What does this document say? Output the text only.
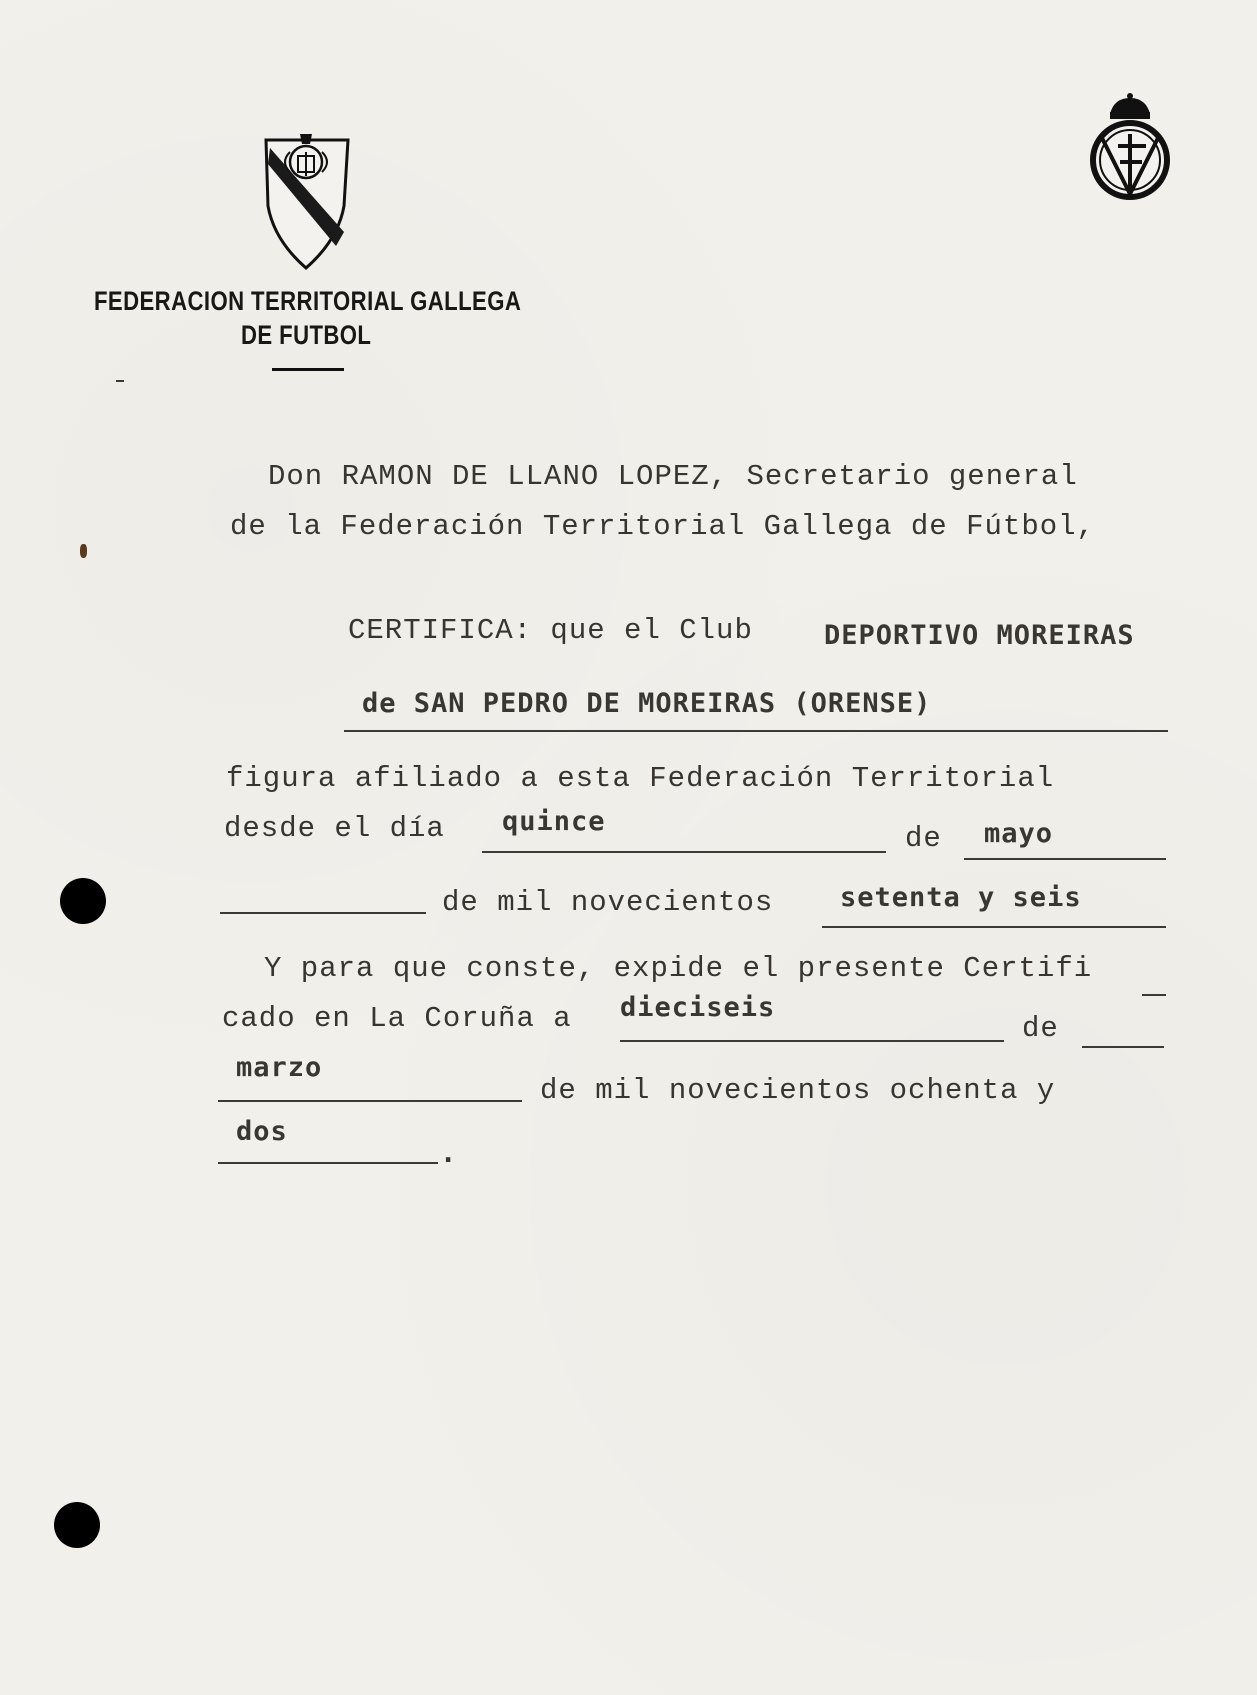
FEDERACION TERRITORIAL GALLEGA
DE FUTBOL
Don RAMON DE LLANO LOPEZ, Secretario general
de la Federación Territorial Gallega de Fútbol,
CERTIFICA: que el Club	DEPORTIVO MOREIRAS
de SAN PEDRO DE MOREIRAS (ORENSE)
figura afiliado a esta Federación Territorial
desde el día quince
de mayo
de mil novecientos setenta y seis
Y para que conste, expide el presente Certifi
cado en La Coruña a dieciseis
de
marzo
de mil novecientos ochenta y
dos
.
